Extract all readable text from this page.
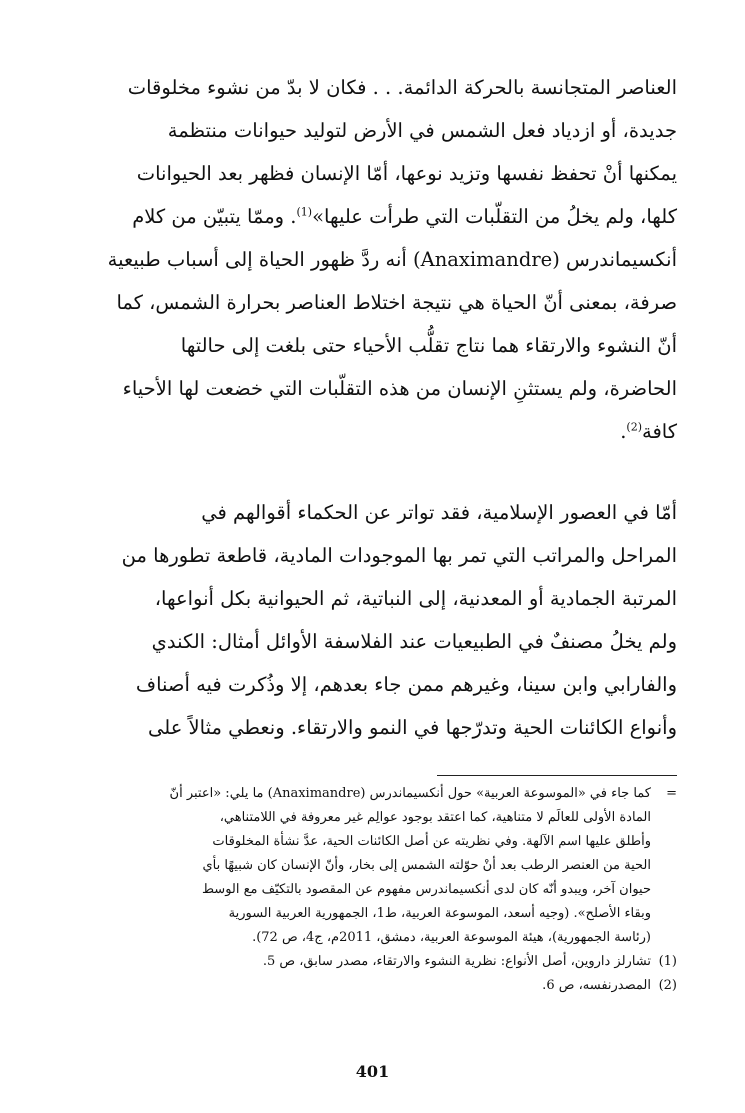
العناصر المتجانسة بالحركة الدائمة. . . فكان لا بدّ من نشوء مخلوقات

جديدة، أو ازدياد فعل الشمس في الأرض لتوليد حيوانات منتظمة

يمكنها أنْ تحفظ نفسها وتزيد نوعها، أمّا الإنسان فظهر بعد الحيوانات

كلها، ولم يخلُ من التقلّبات التي طرأت عليها»$^{(1)}$. وممّا يتبيّن من كلام

أنكسيماندرس (Anaximandre) أنه ردَّ ظهور الحياة إلى أسباب طبيعية

صرفة، بمعنى أنّ الحياة هي نتيجة اختلاط العناصر بحرارة الشمس، كما

أنّ النشوء والارتقاء هما نتاج تقلُّب الأحياء حتى بلغت إلى حالتها

الحاضرة، ولم يستثنِ الإنسان من هذه التقلّبات التي خضعت لها الأحياء

كافة$^{(2)}$.

أمّا في العصور الإسلامية، فقد تواتر عن الحكماء أقوالهم في

المراحل والمراتب التي تمر بها الموجودات المادية، قاطعة تطورها من

المرتبة الجمادية أو المعدنية، إلى النباتية، ثم الحيوانية بكل أنواعها،

ولم يخلُ مصنفٌ في الطبيعيات عند الفلاسفة الأوائل أمثال: الكندي

والفارابي وابن سينا، وغيرهم ممن جاء بعدهم، إلا وذُكرت فيه أصناف

وأنواع الكائنات الحية وتدرّجها في النمو والارتقاء. ونعطي مثالاً على

=

كما جاء في «الموسوعة العربية» حول أنكسيماندرس (Anaximandre) ما يلي: «اعتبر أنّ

المادة الأولى للعالَم لا متناهية، كما اعتقد بوجود عوالِم غير معروفة في اللامتناهي،

وأطلق عليها اسم الآلهة. وفي نظريته عن أصل الكائنات الحية، عدَّ نشأة المخلوقات

الحية من العنصر الرطب بعد أنْ حوّلته الشمس إلى بخار، وأنّ الإنسان كان شبيهًا بأي

حيوان آخر، ويبدو أنّه كان لدى أنكسيماندرس مفهوم عن المقصود بالتكيّف مع الوسط

وبقاء الأصلح». (وجيه أسعد، الموسوعة العربية، ط1، الجمهورية العربية السورية

(رئاسة الجمهورية)، هيئة الموسوعة العربية، دمشق، 2011م، ج4، ص 72).

(1)
تشارلز داروين، أصل الأنواع: نظرية النشوء والارتقاء، مصدر سابق، ص 5.
(2)
المصدرنفسه، ص 6.
401
